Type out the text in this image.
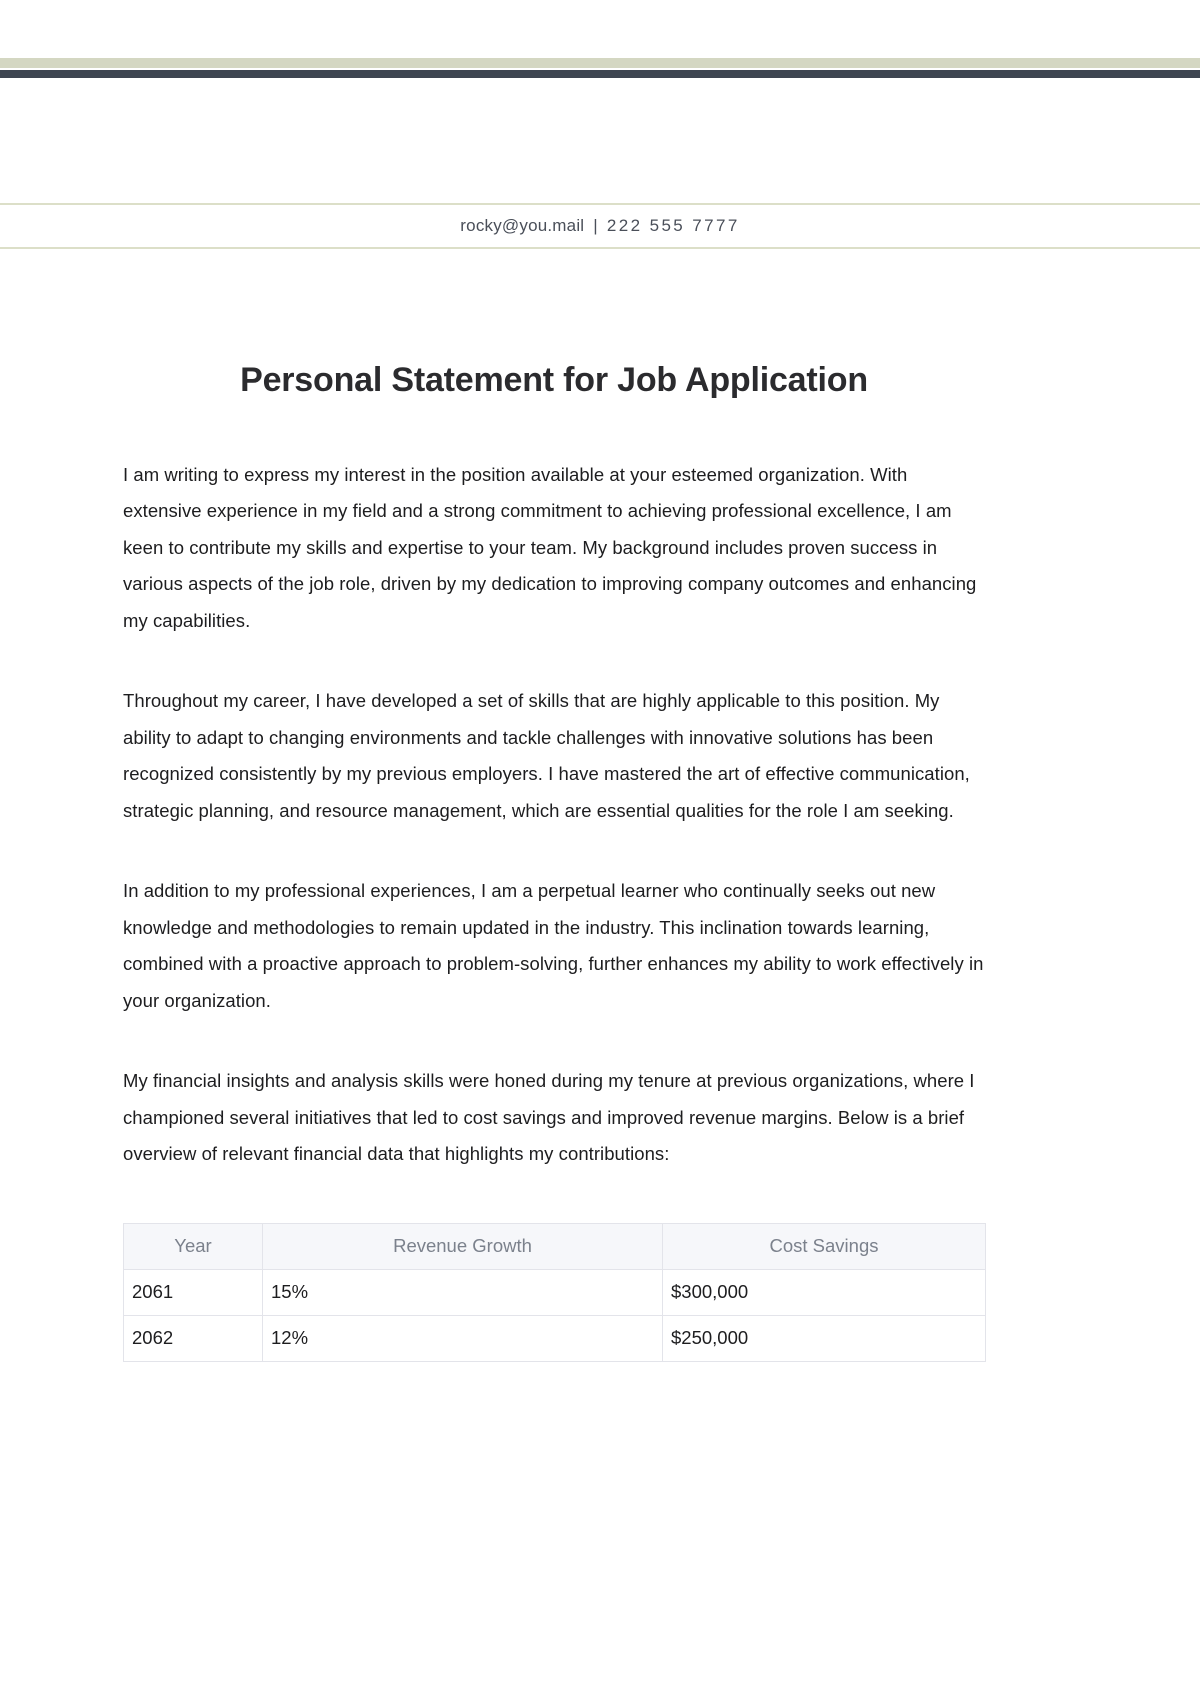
rocky@you.mail | 222 555 7777
Personal Statement for Job Application

I am writing to express my interest in the position available at your esteemed organization. With extensive experience in my field and a strong commitment to achieving professional excellence, I am keen to contribute my skills and expertise to your team. My background includes proven success in various aspects of the job role, driven by my dedication to improving company outcomes and enhancing my capabilities.

Throughout my career, I have developed a set of skills that are highly applicable to this position. My ability to adapt to changing environments and tackle challenges with innovative solutions has been recognized consistently by my previous employers. I have mastered the art of effective communication, strategic planning, and resource management, which are essential qualities for the role I am seeking.

In addition to my professional experiences, I am a perpetual learner who continually seeks out new knowledge and methodologies to remain updated in the industry. This inclination towards learning, combined with a proactive approach to problem-solving, further enhances my ability to work effectively in your organization.

My financial insights and analysis skills were honed during my tenure at previous organizations, where I championed several initiatives that led to cost savings and improved revenue margins. Below is a brief overview of relevant financial data that highlights my contributions:

Year	Revenue Growth	Cost Savings
2061	15%	$300,000
2062	12%	$250,000
